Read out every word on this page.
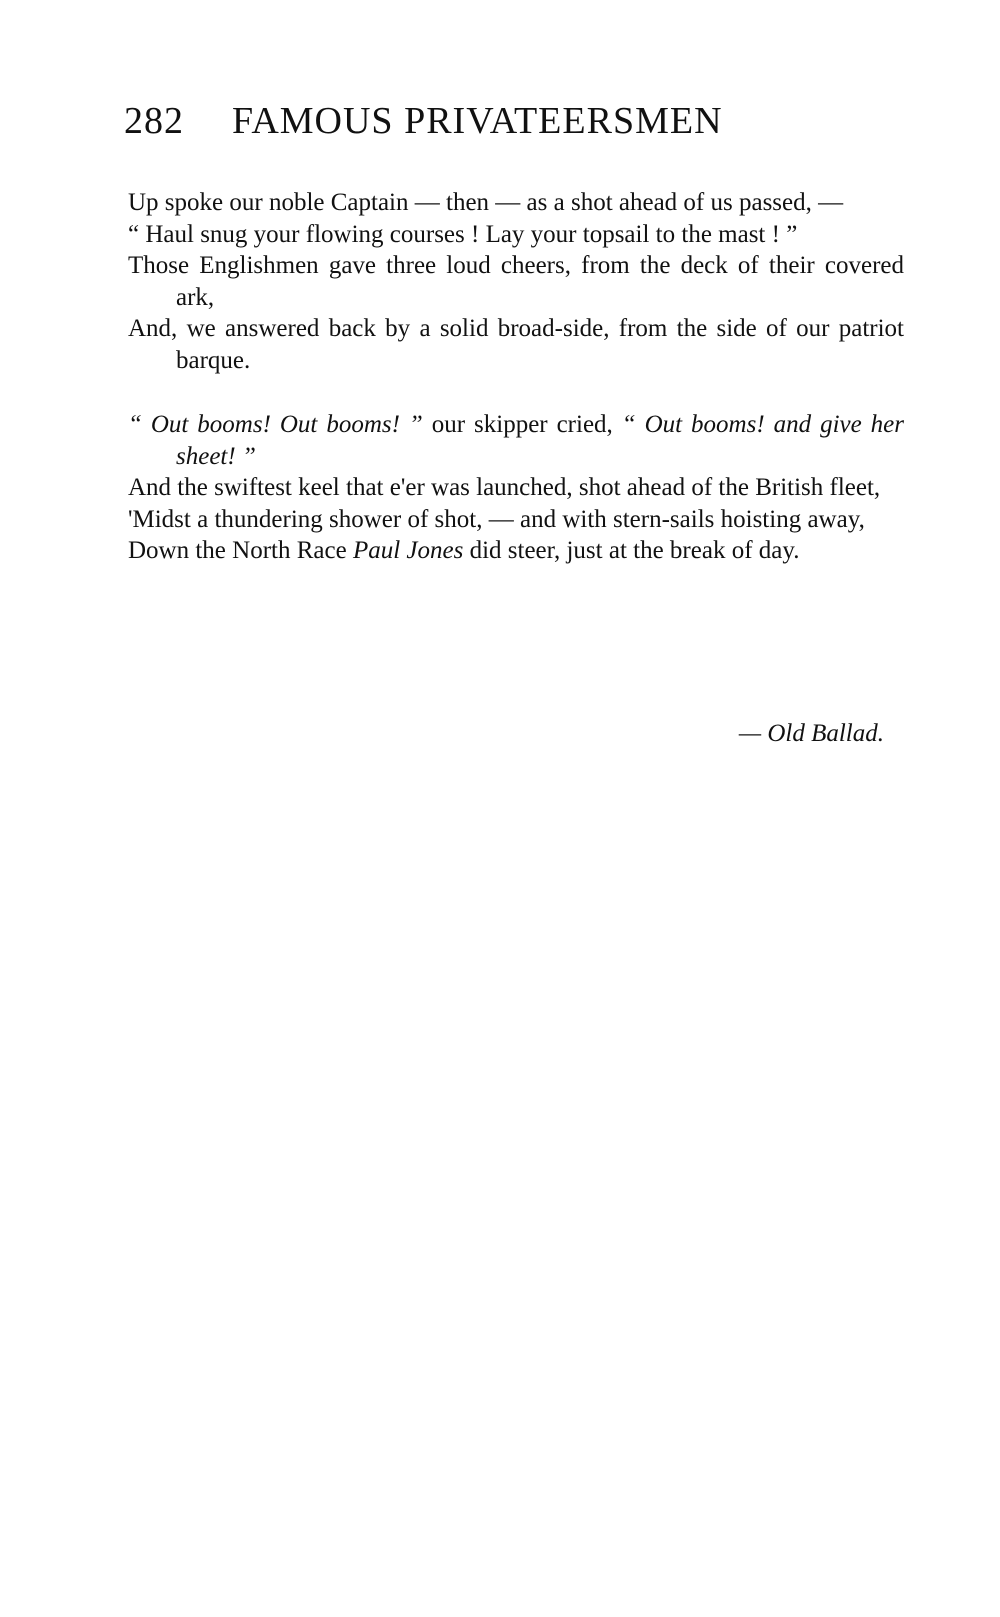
282 FAMOUS PRIVATEERSMEN

Up spoke our noble Captain — then — as a shot ahead of us passed, —

“ Haul snug your flowing courses ! Lay your topsail to the mast ! ”

Those Englishmen gave three loud cheers, from the deck of their covered ark,

And, we answered back by a solid broad-side, from the side of our patriot barque.

“ Out booms! Out booms! ” our skipper cried, “ Out booms! and give her sheet! ”

And the swiftest keel that e'er was launched, shot ahead of the British fleet,

'Midst a thundering shower of shot, — and with stern-sails hoisting away,

Down the North Race Paul Jones did steer, just at the break of day.

— Old Ballad.
